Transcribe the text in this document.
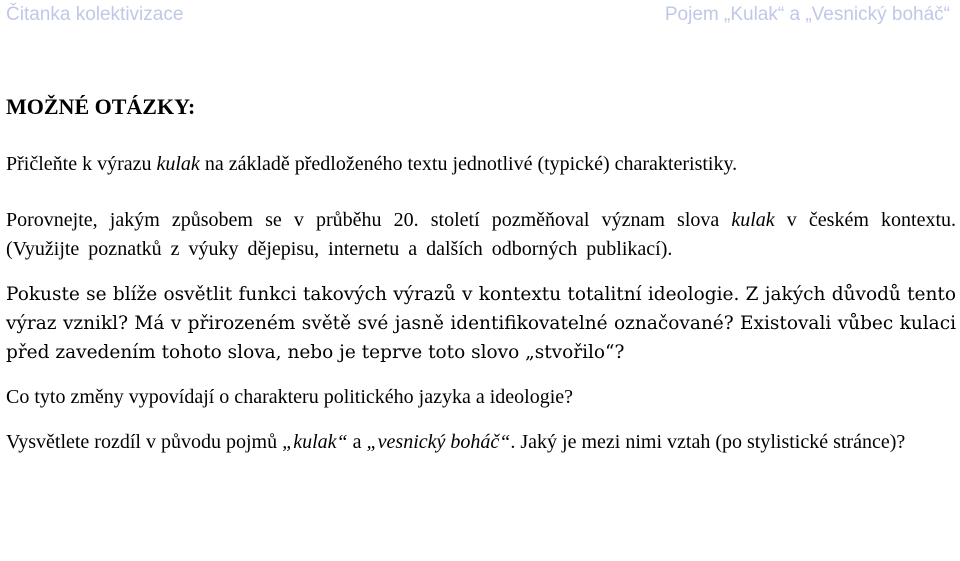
Čitanka kolektivizace	Pojem „Kulak“ a „Vesnický boháč“
MOŽNÉ OTÁZKY:

Přičleňte k výrazu kulak na základě předloženého textu jednotlivé (typické) charakteristiky.

Porovnejte, jakým způsobem se v průběhu 20. století pozměňoval význam slova kulak v českém kontextu. (Využijte poznatků z výuky dějepisu, internetu a dalších odborných publikací).

Pokuste se blíže osvětlit funkci takových výrazů v kontextu totalitní ideologie. Z jakých důvodů tento výraz vznikl? Má v přirozeném světě své jasně identifikovatelné označované? Existovali vůbec kulaci před zavedením tohoto slova, nebo je teprve toto slovo „stvořilo“?

Co tyto změny vypovídají o charakteru politického jazyka a ideologie?

Vysvětlete rozdíl v původu pojmů „kulak“ a „vesnický boháč“. Jaký je mezi nimi vztah (po stylistické stránce)?
